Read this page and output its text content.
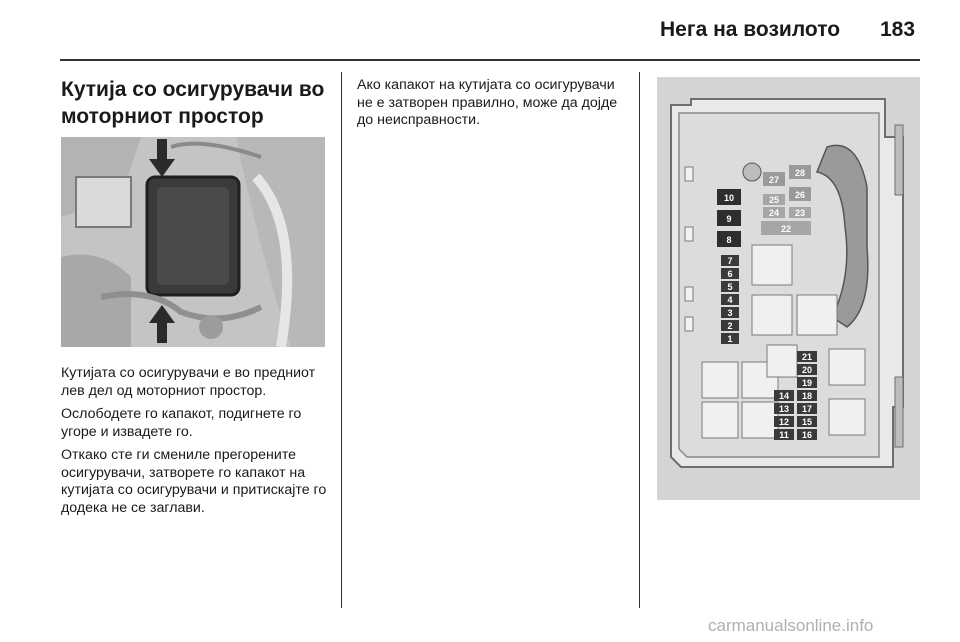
Нега на возилото 183
Кутија со осигурувачи во моторниот простор

Кутијата со осигурувачи е во предниот лев дел од моторниот простор.

Ослободете го капакот, подигнете го угоре и извадете го.

Откако сте ги смениле прегорените осигурувачи, затворете го капакот на кутијата со осигурувачи и притискајте го додека не се заглави.

Ако капакот на кутијата со осигурувачи не е затворен правилно, може да дојде до неисправности.

10
9
8
7
6
5
4
3
2
1
28
27
26
25
24 23
22
21
20
19
18
17
15
16
14
13
12
11
carmanualsonline.info
